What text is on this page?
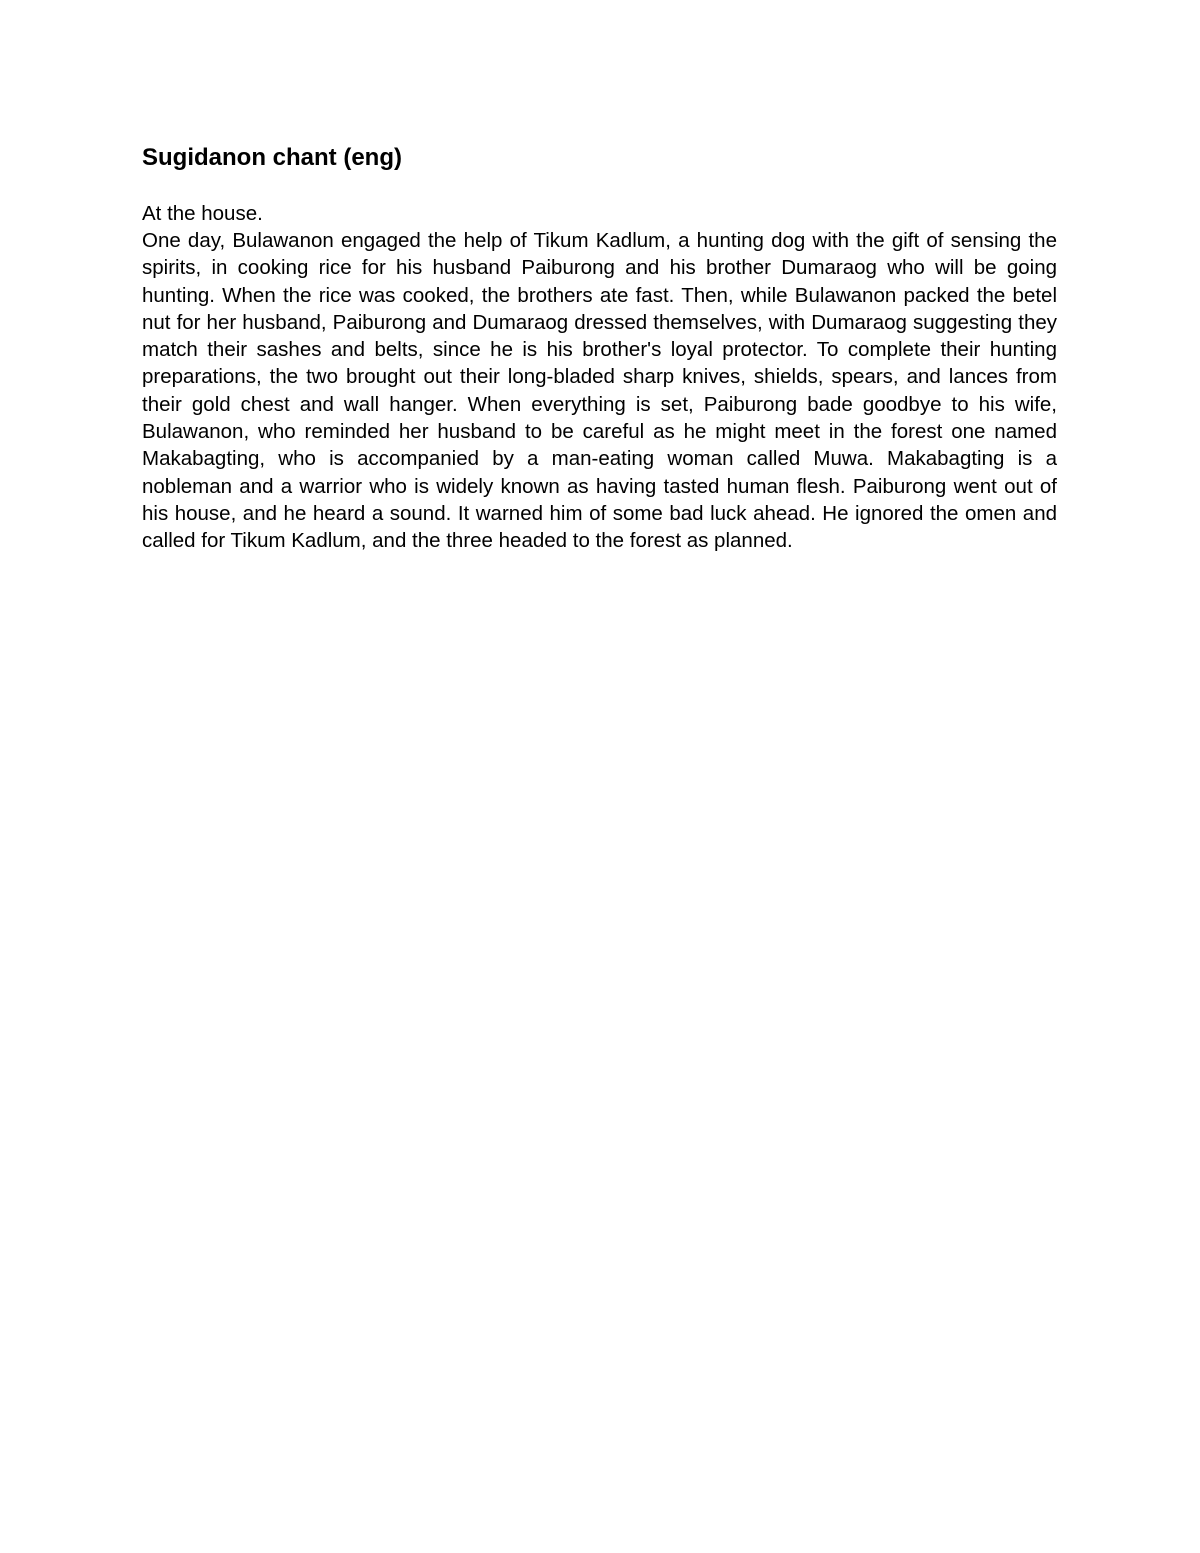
Sugidanon chant (eng)

At the house.

One day, Bulawanon engaged the help of Tikum Kadlum, a hunting dog with the gift of sensing the spirits, in cooking rice for his husband Paiburong and his brother Dumaraog who will be going hunting. When the rice was cooked, the brothers ate fast. Then, while Bulawanon packed the betel nut for her husband, Paiburong and Dumaraog dressed themselves, with Dumaraog suggesting they match their sashes and belts, since he is his brother's loyal protector. To complete their hunting preparations, the two brought out their long-bladed sharp knives, shields, spears, and lances from their gold chest and wall hanger. When everything is set, Paiburong bade goodbye to his wife, Bulawanon, who reminded her husband to be careful as he might meet in the forest one named Makabagting, who is accompanied by a man-eating woman called Muwa. Makabagting is a nobleman and a warrior who is widely known as having tasted human flesh. Paiburong went out of his house, and he heard a sound. It warned him of some bad luck ahead. He ignored the omen and called for Tikum Kadlum, and the three headed to the forest as planned.
